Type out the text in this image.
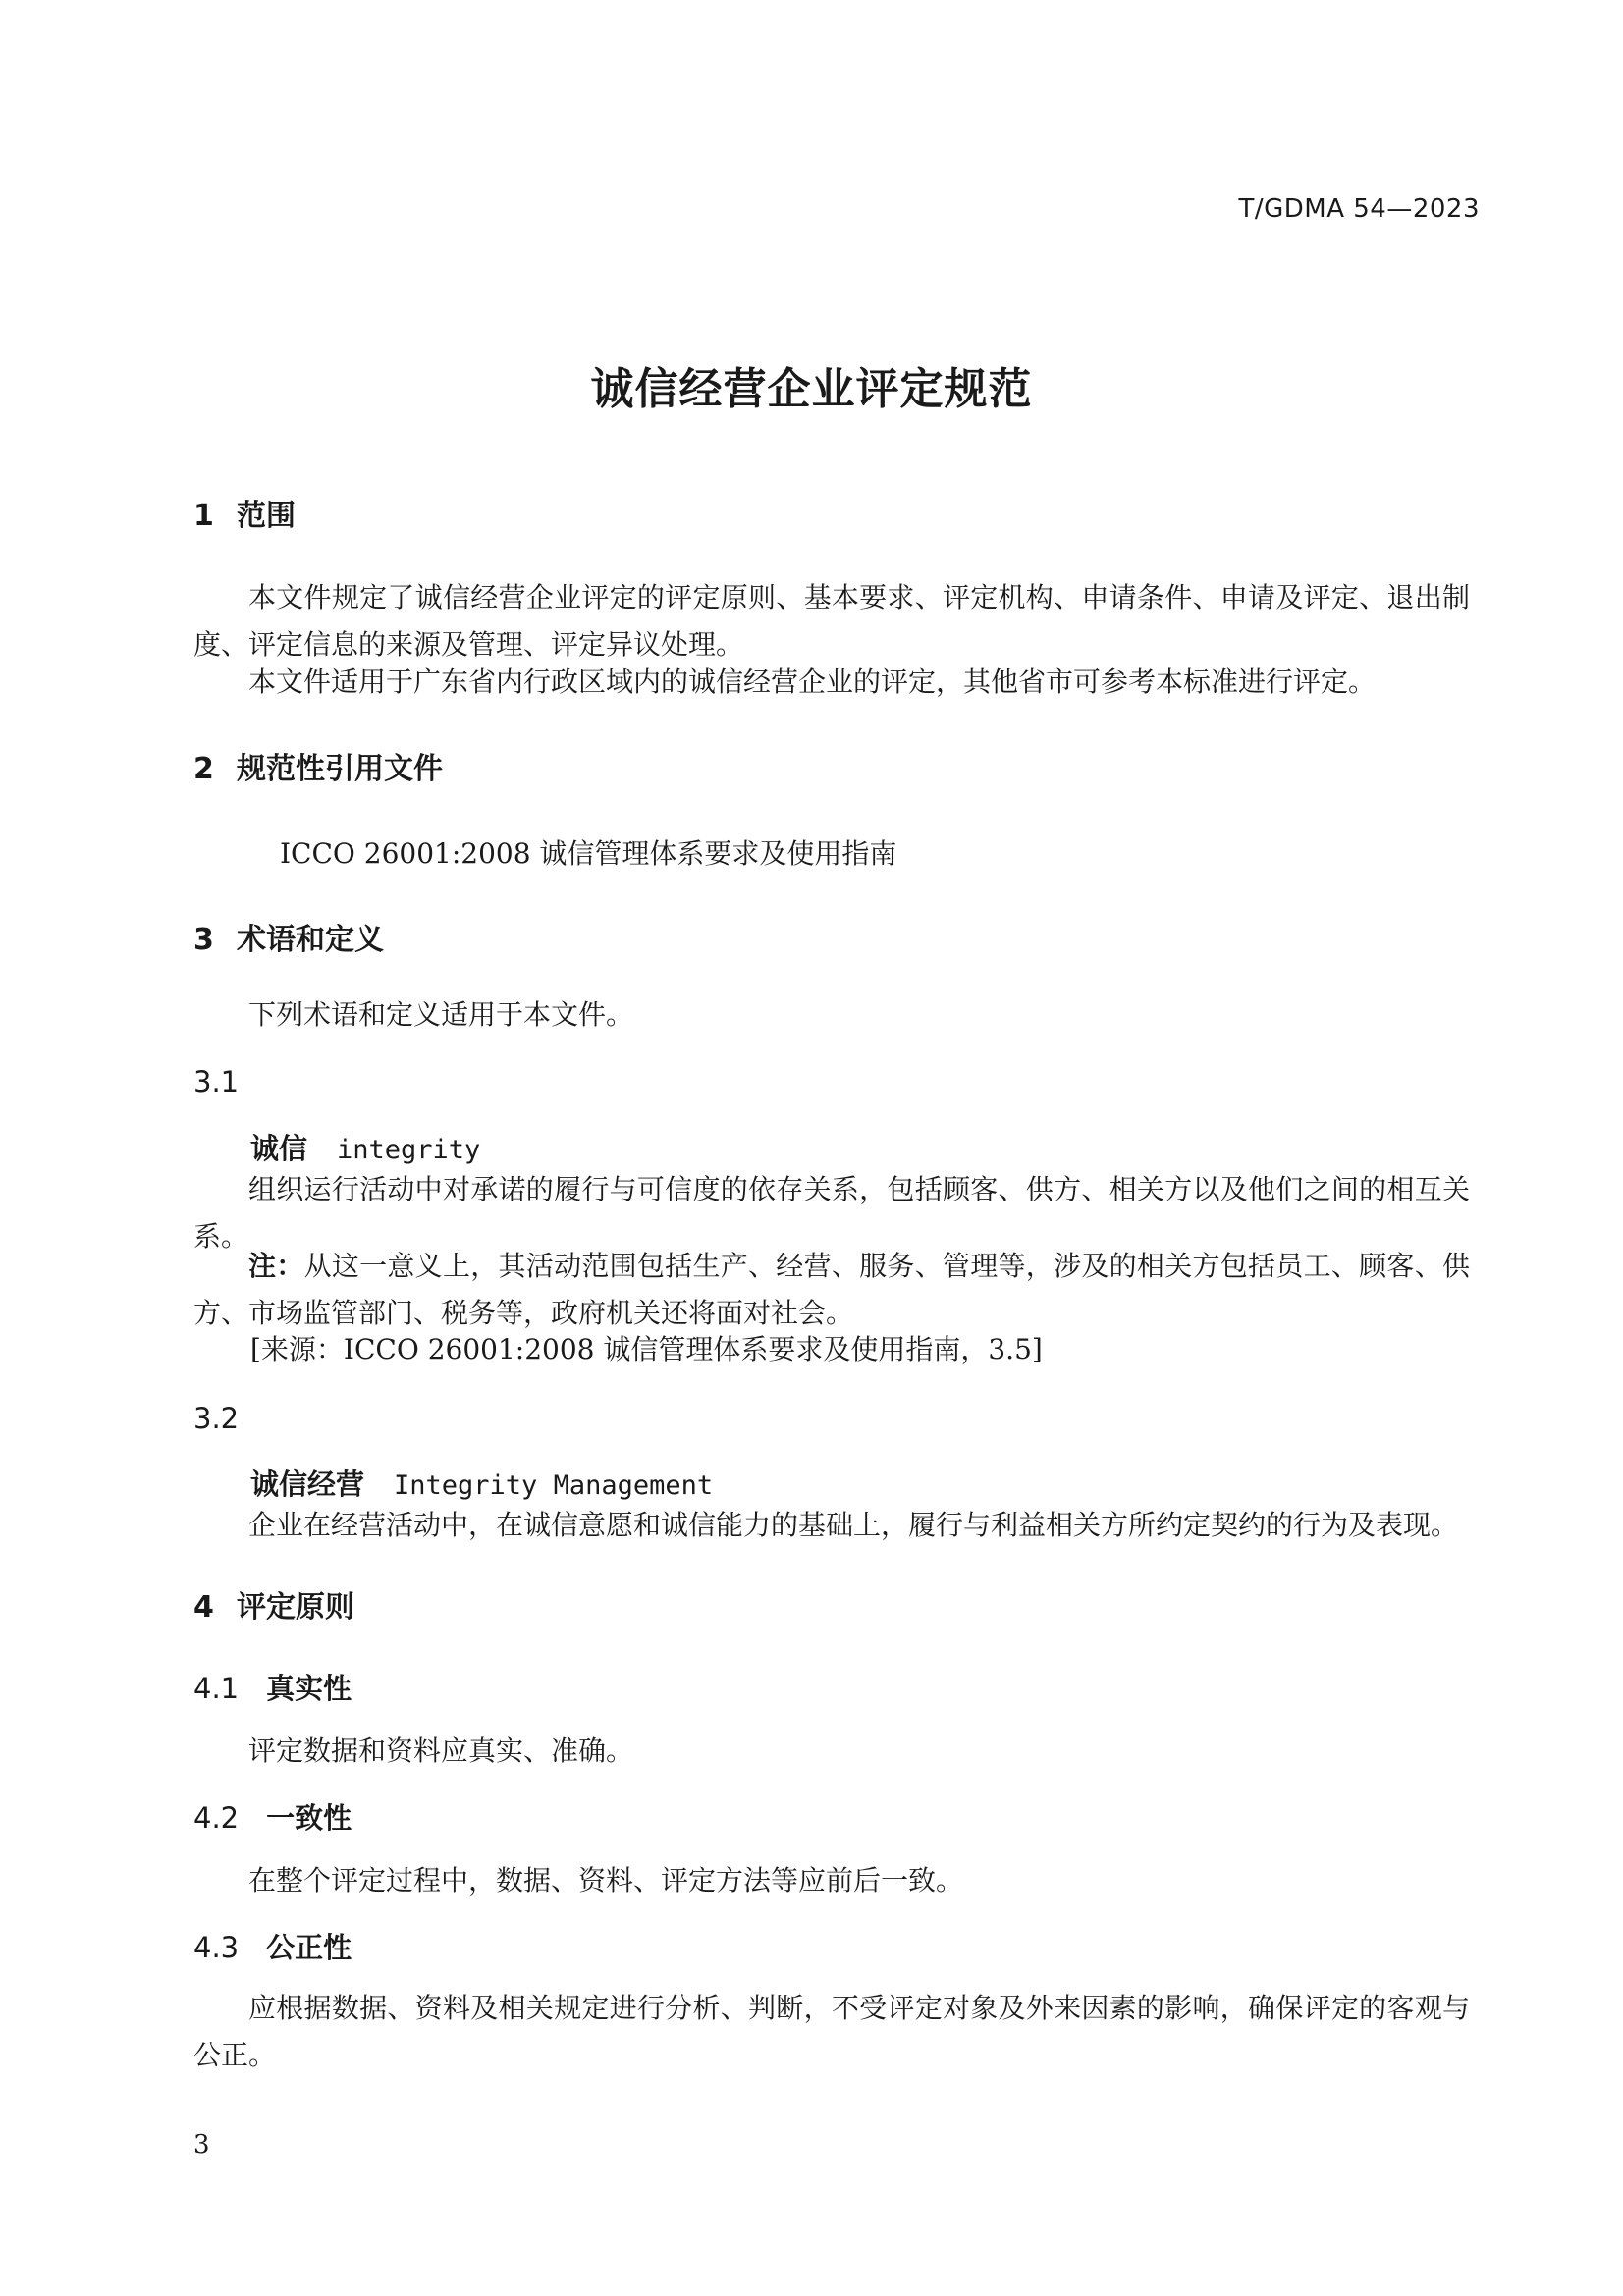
T/GDMA 54—2023
诚信经营企业评定规范
1 范围
本文件规定了诚信经营企业评定的评定原则、基本要求、评定机构、申请条件、申请及评定、退出制度、评定信息的来源及管理、评定异议处理。
本文件适用于广东省内行政区域内的诚信经营企业的评定，其他省市可参考本标准进行评定。
2 规范性引用文件
ICCO 26001:2008 诚信管理体系要求及使用指南
3 术语和定义
下列术语和定义适用于本文件。
3.1
诚信 integrity
组织运行活动中对承诺的履行与可信度的依存关系，包括顾客、供方、相关方以及他们之间的相互关系。
注：从这一意义上，其活动范围包括生产、经营、服务、管理等，涉及的相关方包括员工、顾客、供方、市场监管部门、税务等，政府机关还将面对社会。
[来源：ICCO 26001:2008 诚信管理体系要求及使用指南，3.5]
3.2
诚信经营 Integrity Management
企业在经营活动中，在诚信意愿和诚信能力的基础上，履行与利益相关方所约定契约的行为及表现。
4 评定原则
4.1 真实性
评定数据和资料应真实、准确。
4.2 一致性
在整个评定过程中，数据、资料、评定方法等应前后一致。
4.3 公正性
应根据数据、资料及相关规定进行分析、判断，不受评定对象及外来因素的影响，确保评定的客观与公正。
3
